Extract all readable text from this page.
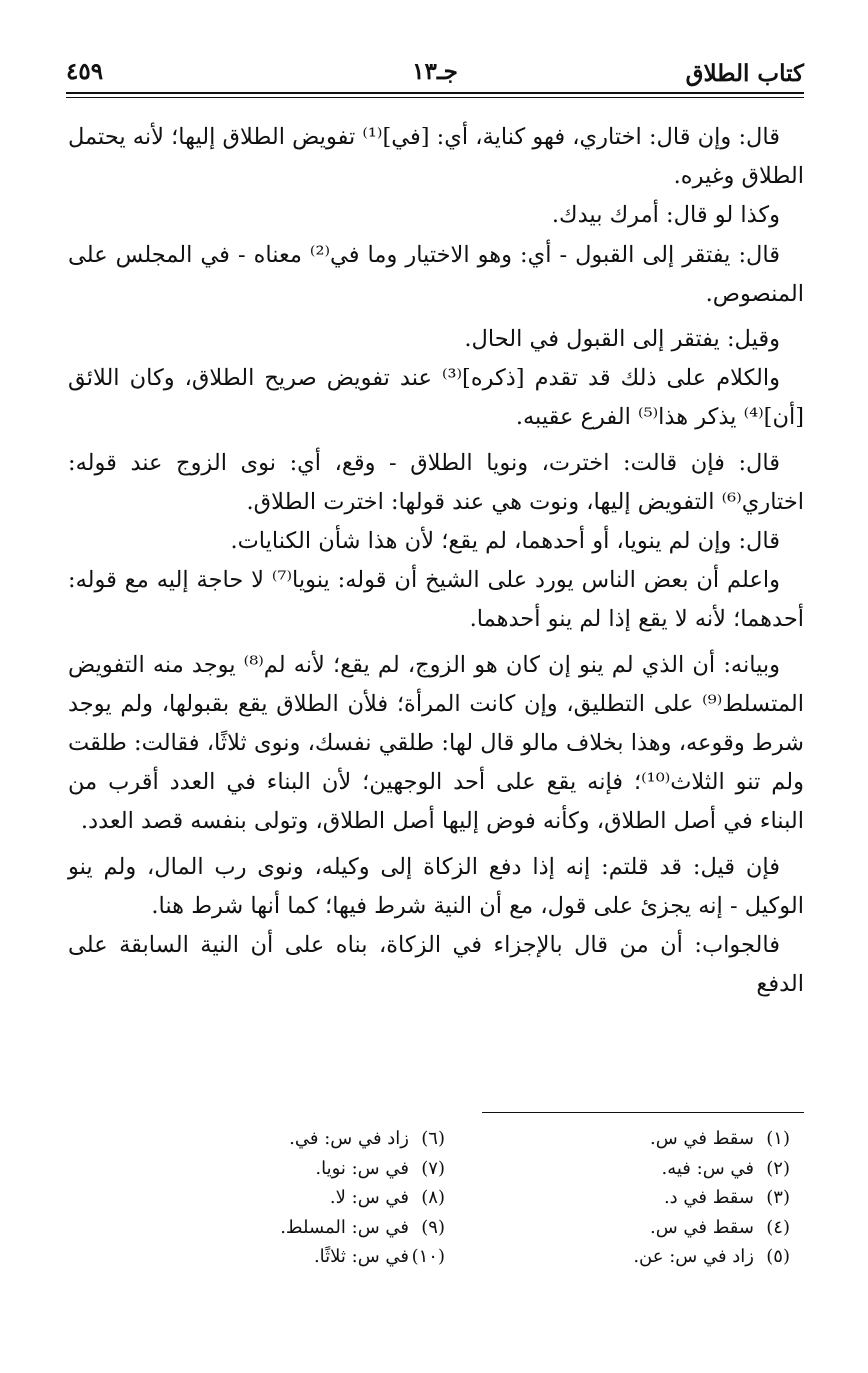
كتاب الطلاق
جـ١٣
٤٥٩

قال: وإن قال: اختاري، فهو كناية، أي: [في]⁽¹⁾ تفويض الطلاق إليها؛ لأنه يحتمل الطلاق وغيره.

وكذا لو قال: أمرك بيدك.

قال: يفتقر إلى القبول - أي: وهو الاختيار وما في⁽²⁾ معناه - في المجلس على المنصوص.

وقيل: يفتقر إلى القبول في الحال.

والكلام على ذلك قد تقدم [ذكره]⁽³⁾ عند تفويض صريح الطلاق، وكان اللائق [أن]⁽⁴⁾ يذكر هذا⁽⁵⁾ الفرع عقيبه.

قال: فإن قالت: اخترت، ونويا الطلاق - وقع، أي: نوى الزوج عند قوله: اختاري⁽⁶⁾ التفويض إليها، ونوت هي عند قولها: اخترت الطلاق.

قال: وإن لم ينويا، أو أحدهما، لم يقع؛ لأن هذا شأن الكنايات.

واعلم أن بعض الناس يورد على الشيخ أن قوله: ينويا⁽⁷⁾ لا حاجة إليه مع قوله: أحدهما؛ لأنه لا يقع إذا لم ينو أحدهما.

وبيانه: أن الذي لم ينو إن كان هو الزوج، لم يقع؛ لأنه لم⁽⁸⁾ يوجد منه التفويض المتسلط⁽⁹⁾ على التطليق، وإن كانت المرأة؛ فلأن الطلاق يقع بقبولها، ولم يوجد شرط وقوعه، وهذا بخلاف مالو قال لها: طلقي نفسك، ونوى ثلاثًا، فقالت: طلقت ولم تنو الثلاث⁽¹⁰⁾؛ فإنه يقع على أحد الوجهين؛ لأن البناء في العدد أقرب من البناء في أصل الطلاق، وكأنه فوض إليها أصل الطلاق، وتولى بنفسه قصد العدد.

فإن قيل: قد قلتم: إنه إذا دفع الزكاة إلى وكيله، ونوى رب المال، ولم ينو الوكيل - إنه يجزئ على قول، مع أن النية شرط فيها؛ كما أنها شرط هنا.

فالجواب: أن من قال بالإجزاء في الزكاة، بناه على أن النية السابقة على الدفع

(١)سقط في س.
(٢)في س: فيه.
(٣)سقط في د.
(٤)سقط في س.
(٥)زاد في س: عن.
(٦)زاد في س: في.
(٧)في س: نويا.
(٨)في س: لا.
(٩)في س: المسلط.
(١٠)في س: ثلاثًا.
